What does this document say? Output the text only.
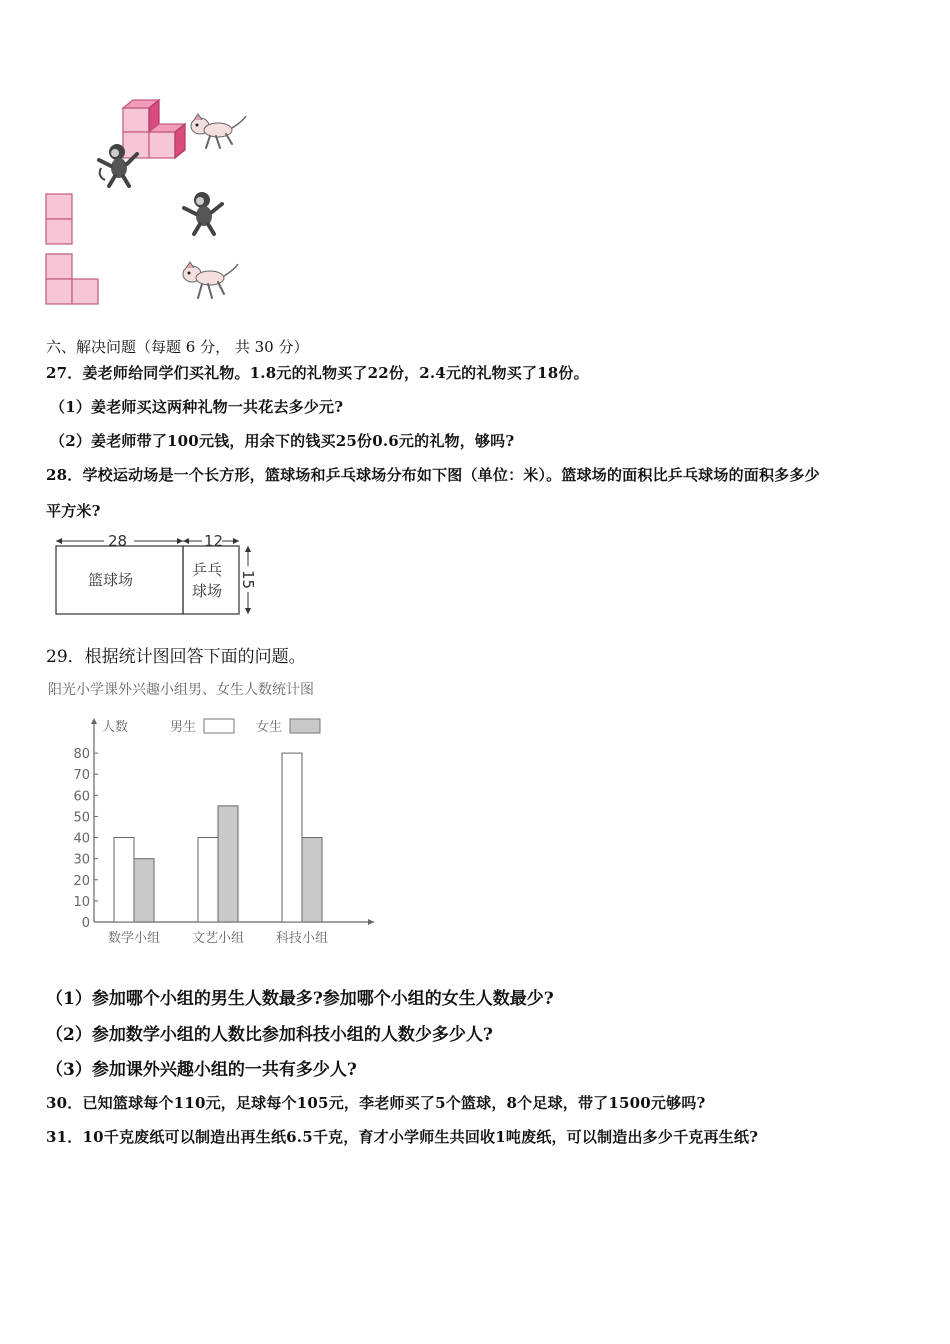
六、解决问题（每题 6 分， 共 30 分）
27．姜老师给同学们买礼物。1.8元的礼物买了22份，2.4元的礼物买了18份。
（1）姜老师买这两种礼物一共花去多少元?
（2）姜老师带了100元钱，用余下的钱买25份0.6元的礼物，够吗?
28．学校运动场是一个长方形，篮球场和乒乓球场分布如下图（单位：米）。篮球场的面积比乒乓球场的面积多多少
平方米?
篮球场
乒乓
球场
28	12
15
29．根据统计图回答下面的问题。
阳光小学课外兴趣小组男、女生人数统计图
人数	男生	女生
0
10
20
30
40
50
60
70
80
数学小组 文艺小组 科技小组
（1）参加哪个小组的男生人数最多?参加哪个小组的女生人数最少?
（2）参加数学小组的人数比参加科技小组的人数少多少人?
（3）参加课外兴趣小组的一共有多少人?
30．已知篮球每个110元，足球每个105元，李老师买了5个篮球，8个足球，带了1500元够吗?
31．10千克废纸可以制造出再生纸6.5千克，育才小学师生共回收1吨废纸，可以制造出多少千克再生纸?
